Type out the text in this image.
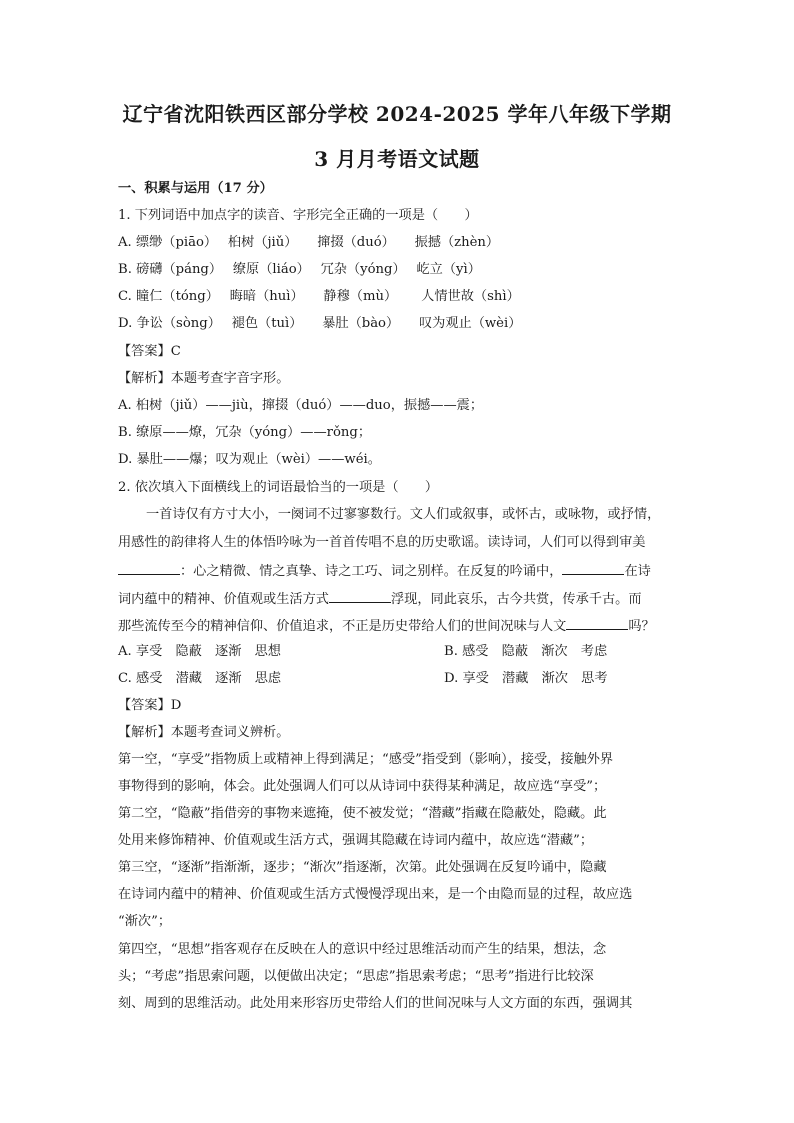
辽宁省沈阳铁西区部分学校 2024-2025 学年八年级下学期
3 月月考语文试题
一、积累与运用（17 分）
1. 下列词语中加点字的读音、字形完全正确的一项是（　　）
A. 缥缈（piāo）　 桕树（jiǔ）　　撺掇（duó）　　振撼（zhèn）
B. 磅礴（páng）　 缭原（liáo）　 冗杂（yóng）　 屹立（yì）
C. 瞳仁（tóng）　 晦暗（huì）　　静穆（mù）　　 人情世故（shì）
D. 争讼（sòng）　 褪色（tuì）　　暴肚（bào）　　叹为观止（wèi）
【答案】C
【解析】本题考查字音字形。
A. 桕树（jiǔ）——jiù，撺掇（duó）——duo，振撼——震；
B. 缭原——燎，冗杂（yóng）——rǒng；
D. 暴肚——爆；叹为观止（wèi）——wéi。
2. 依次填入下面横线上的词语最恰当的一项是（　　）
一首诗仅有方寸大小，一阕词不过寥寥数行。文人们或叙事，或怀古，或咏物，或抒情，
用感性的韵律将人生的体悟吟咏为一首首传唱不息的历史歌谣。读诗词，人们可以得到审美
：心之精微、情之真挚、诗之工巧、词之别样。在反复的吟诵中，	在诗
词内蕴中的精神、价值观或生活方式	浮现，同此哀乐，古今共赏，传承千古。而
那些流传至今的精神信仰、价值追求，不正是历史带给人们的世间况味与人文	吗？
A. 享受　隐蔽　逐渐　思想	B. 感受　隐蔽　渐次　考虑
C. 感受　潜藏　逐渐　思虑	D. 享受　潜藏　渐次　思考
【答案】D
【解析】本题考查词义辨析。
第一空，“享受”指物质上或精神上得到满足；“感受”指受到（影响），接受，接触外界
事物得到的影响，体会。此处强调人们可以从诗词中获得某种满足，故应选“享受”；
第二空，“隐蔽”指借旁的事物来遮掩，使不被发觉；“潜藏”指藏在隐蔽处，隐藏。此
处用来修饰精神、价值观或生活方式，强调其隐藏在诗词内蕴中，故应选“潜藏”；
第三空，“逐渐”指渐渐，逐步；“渐次”指逐渐，次第。此处强调在反复吟诵中，隐藏
在诗词内蕴中的精神、价值观或生活方式慢慢浮现出来，是一个由隐而显的过程，故应选
“渐次”；
第四空，“思想”指客观存在反映在人的意识中经过思维活动而产生的结果，想法，念
头；“考虑”指思索问题，以便做出决定；“思虑”指思索考虑；“思考”指进行比较深
刻、周到的思维活动。此处用来形容历史带给人们的世间况味与人文方面的东西，强调其
